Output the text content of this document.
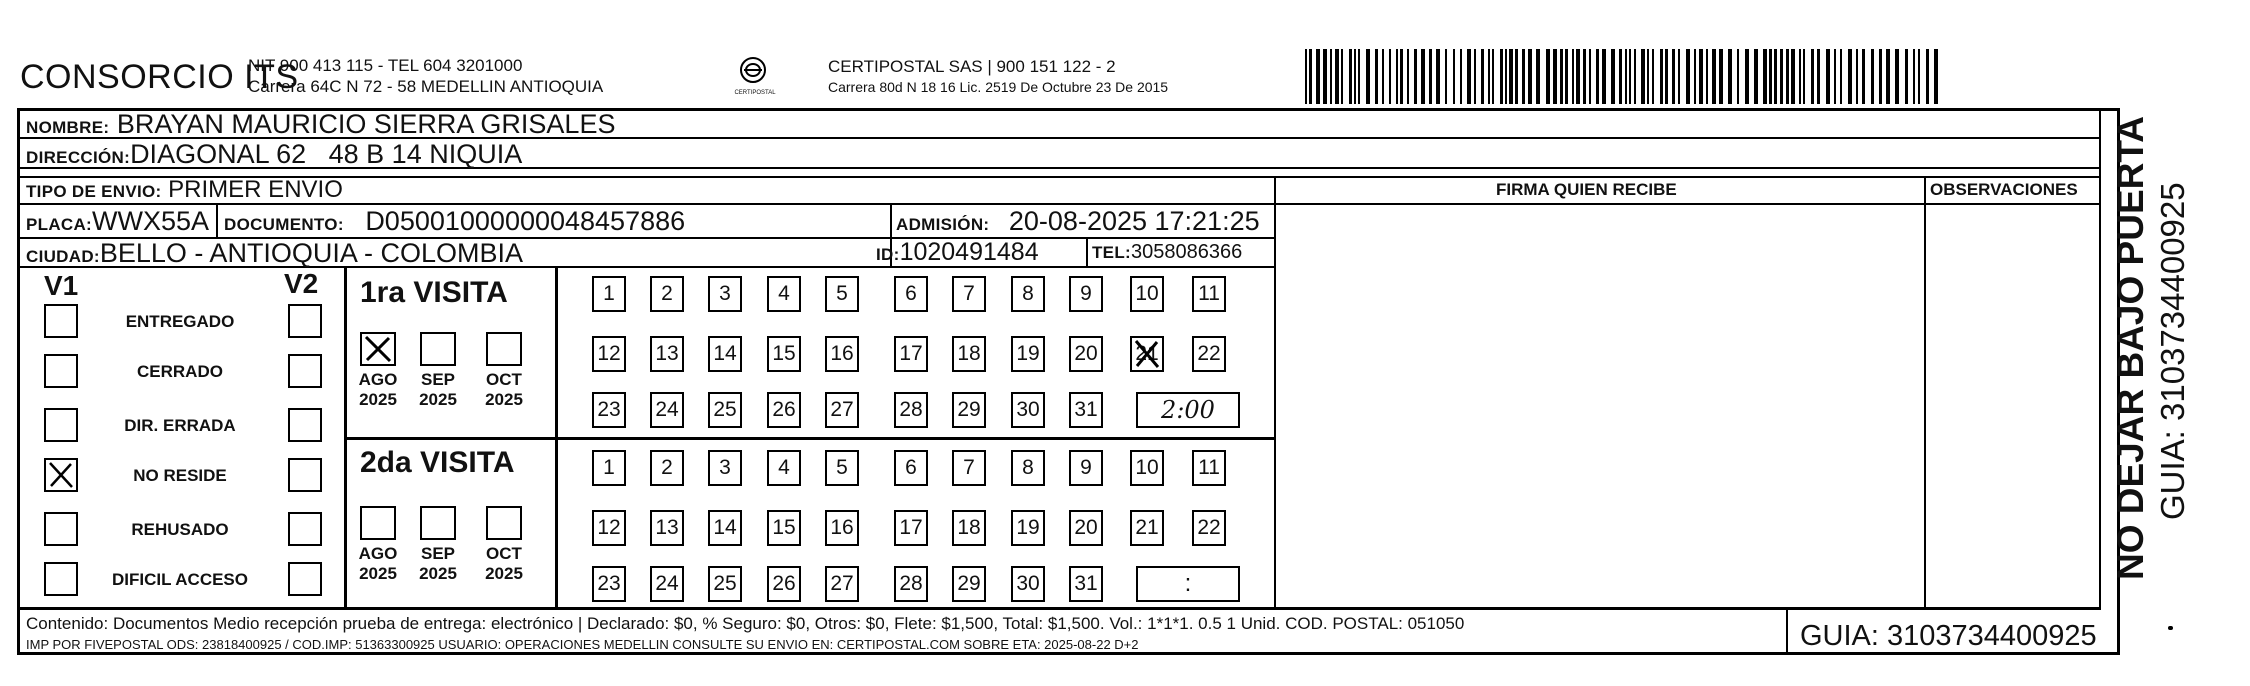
CONSORCIO ITS
NIT 900 413 115 - TEL 604 3201000
Carrera 64C N 72 - 58 MEDELLIN ANTIOQUIA	CERTIPOSTAL
CERTIPOSTAL SAS | 900 151 122 - 2
Carrera 80d N 18 16 Lic. 2519 De Octubre 23 De 2015
NOMBRE: BRAYAN MAURICIO SIERRA GRISALES
DIRECCIÓN:DIAGONAL 62   48 B 14 NIQUIA
TIPO DE ENVIO: PRIMER ENVIO	FIRMA QUIEN RECIBE	OBSERVACIONES
PLACA:WWX55A DOCUMENTO: D05001000000048457886	ADMISIÓN: 20-08-2025 17:21:25
CIUDAD:BELLO - ANTIOQUIA - COLOMBIA	ID:1020491484	TEL:3058086366
V1	V2
ENTREGADO
CERRADO
DIR. ERRADA
NO RESIDE
REHUSADO
DIFICIL ACCESO
1ra VISITA
2da VISITA
AGO
2025
SEP
2025
OCT
2025
1	2	3	4	5	6	7	8	9	10 11
12 13 14 15 16 17 18 19 20 21 22
23 24 25 26 27 28 29 30 31	2:00
AGO
2025
SEP
2025
OCT
2025
1	2	3	4	5	6	7	8	9	10 11
12 13 14 15 16 17 18 19 20 21 22
23 24 25 26 27 28 29 30 31	:
NO DEJAR BAJO PUERTA GUIA: 3103734400925
Contenido: Documentos Medio recepción prueba de entrega: electrónico | Declarado: $0, % Seguro: $0, Otros: $0, Flete: $1,500, Total: $1,500. Vol.: 1*1*1. 0.5 1 Unid. COD. POSTAL: 051050
IMP POR FIVEPOSTAL ODS: 23818400925 / COD.IMP: 51363300925 USUARIO: OPERACIONES MEDELLIN CONSULTE SU ENVIO EN: CERTIPOSTAL.COM SOBRE ETA: 2025-08-22 D+2	GUIA: 3103734400925
